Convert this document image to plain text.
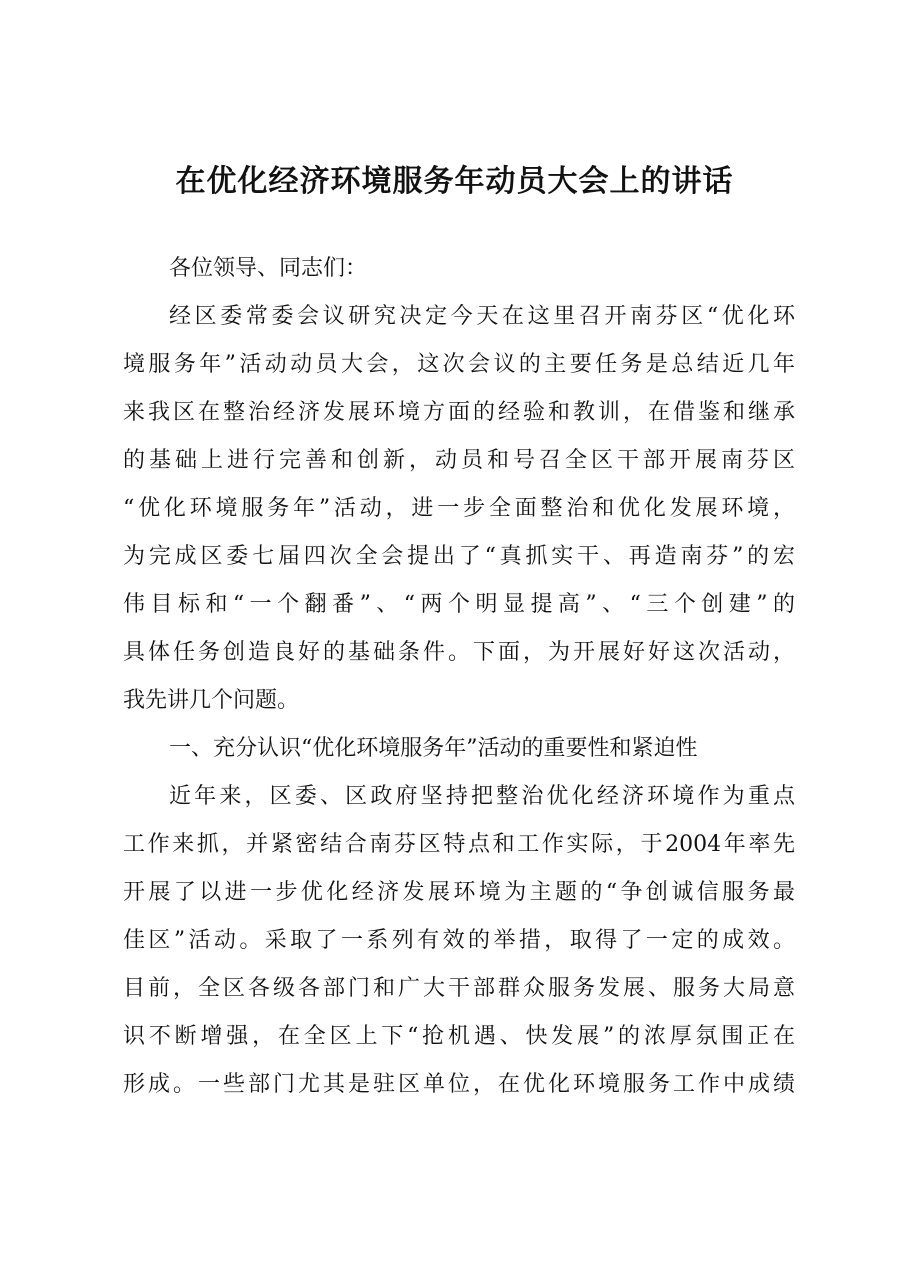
在优化经济环境服务年动员大会上的讲话
各位领导、同志们：
经区委常委会议研究决定今天在这里召开南芬区“优化环
境服务年”活动动员大会，这次会议的主要任务是总结近几年
来我区在整治经济发展环境方面的经验和教训，在借鉴和继承
的基础上进行完善和创新，动员和号召全区干部开展南芬区
“优化环境服务年”活动，进一步全面整治和优化发展环境，
为完成区委七届四次全会提出了“真抓实干、再造南芬”的宏
伟目标和“一个翻番”、“两个明显提高”、“三个创建”的
具体任务创造良好的基础条件。下面，为开展好好这次活动，
我先讲几个问题。
一、充分认识“优化环境服务年”活动的重要性和紧迫性
近年来，区委、区政府坚持把整治优化经济环境作为重点
工作来抓，并紧密结合南芬区特点和工作实际，于2004年率先
开展了以进一步优化经济发展环境为主题的“争创诚信服务最
佳区”活动。采取了一系列有效的举措，取得了一定的成效。
目前，全区各级各部门和广大干部群众服务发展、服务大局意
识不断增强，在全区上下“抢机遇、快发展”的浓厚氛围正在
形成。一些部门尤其是驻区单位，在优化环境服务工作中成绩
